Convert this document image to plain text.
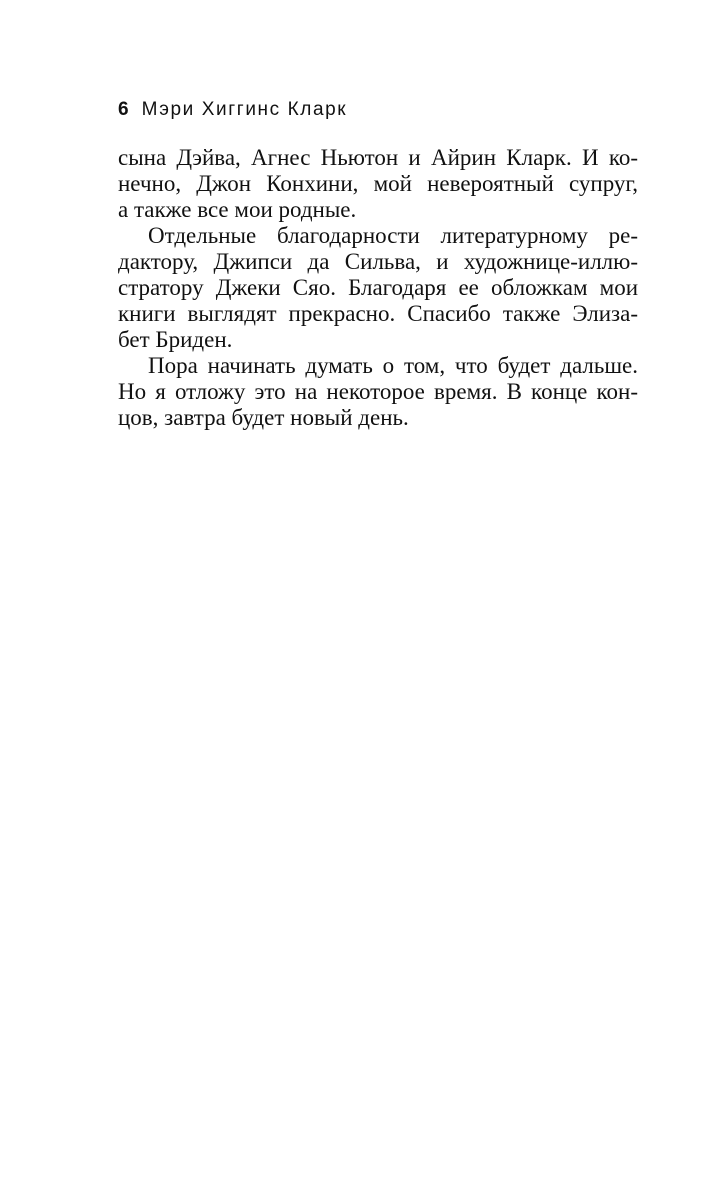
6 Мэри Хиггинс Кларк
сына Дэйва, Агнес Ньютон и Айрин Кларк. И ко-
нечно, Джон Конхини, мой невероятный супруг,
а также все мои родные.
Отдельные благодарности литературному ре-
дактору, Джипси да Сильва, и художнице-иллю-
стратору Джеки Сяо. Благодаря ее обложкам мои
книги выглядят прекрасно. Спасибо также Элиза-
бет Бриден.
Пора начинать думать о том, что будет дальше.
Но я отложу это на некоторое время. В конце кон-
цов, завтра будет новый день.
